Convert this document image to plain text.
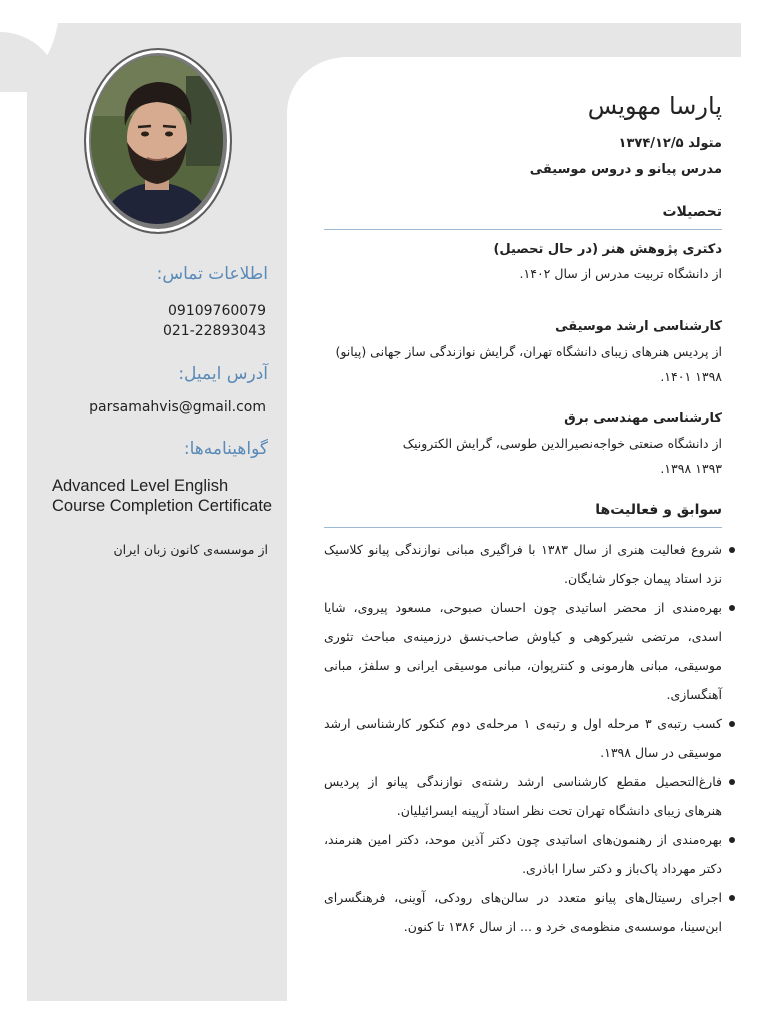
اطلاعات تماس:
09109760079
021-22893043
آدرس ایمیل:
parsamahvis@gmail.com
گواهینامه‌ها:
Advanced Level English Course Completion Certificate
از موسسه‌ی کانون زبان ایران
پارسا مهویس
متولد ۱۳۷۴/۱۲/۵
مدرس پیانو و دروس موسیقی
تحصیلات
دکتری پژوهش هنر (در حال تحصیل)
از دانشگاه تربیت مدرس از سال ۱۴۰۲.
کارشناسی ارشد موسیقی
از پردیس هنرهای زیبای دانشگاه تهران، گرایش نوازندگی ساز جهانی (پیانو)
۱۳۹۸ ۱۴۰۱.
کارشناسی مهندسی برق
از دانشگاه صنعتی خواجه‌نصیرالدین طوسی، گرایش الکترونیک
۱۳۹۳ ۱۳۹۸.
سوابق و فعالیت‌ها
شروع فعالیت هنری از سال ۱۳۸۳ با فراگیری مبانی نوازندگی پیانو کلاسیک نزد استاد پیمان جوکار شایگان.
بهره‌مندی از محضر اساتیدی چون احسان صبوحی، مسعود پیروی، شایا اسدی، مرتضی شیرکوهی و کیاوش صاحب‌نسق درزمینه‌ی مباحث تئوری موسیقی، مبانی هارمونی و کنترپوان، مبانی موسیقی ایرانی و سلفژ، مبانی آهنگسازی.
کسب رتبه‌ی ۳ مرحله اول و رتبه‌ی ۱ مرحله‌ی دوم کنکور کارشناسی ارشد موسیقی در سال ۱۳۹۸.
فارغ‌التحصیل مقطع کارشناسی ارشد رشته‌ی نوازندگی پیانو از پردیس هنرهای زیبای دانشگاه تهران تحت نظر استاد آرپینه ایسرائیلیان.
بهره‌مندی از رهنمون‌های اساتیدی چون دکتر آذین موحد، دکتر امین هنرمند، دکتر مهرداد پاک‌باز و دکتر سارا اباذری.
اجرای رسیتال‌های پیانو متعدد در سالن‌های رودکی، آوینی، فرهنگسرای ابن‌سینا، موسسه‌ی منظومه‌ی خرد و ... از سال ۱۳۸۶ تا کنون.
